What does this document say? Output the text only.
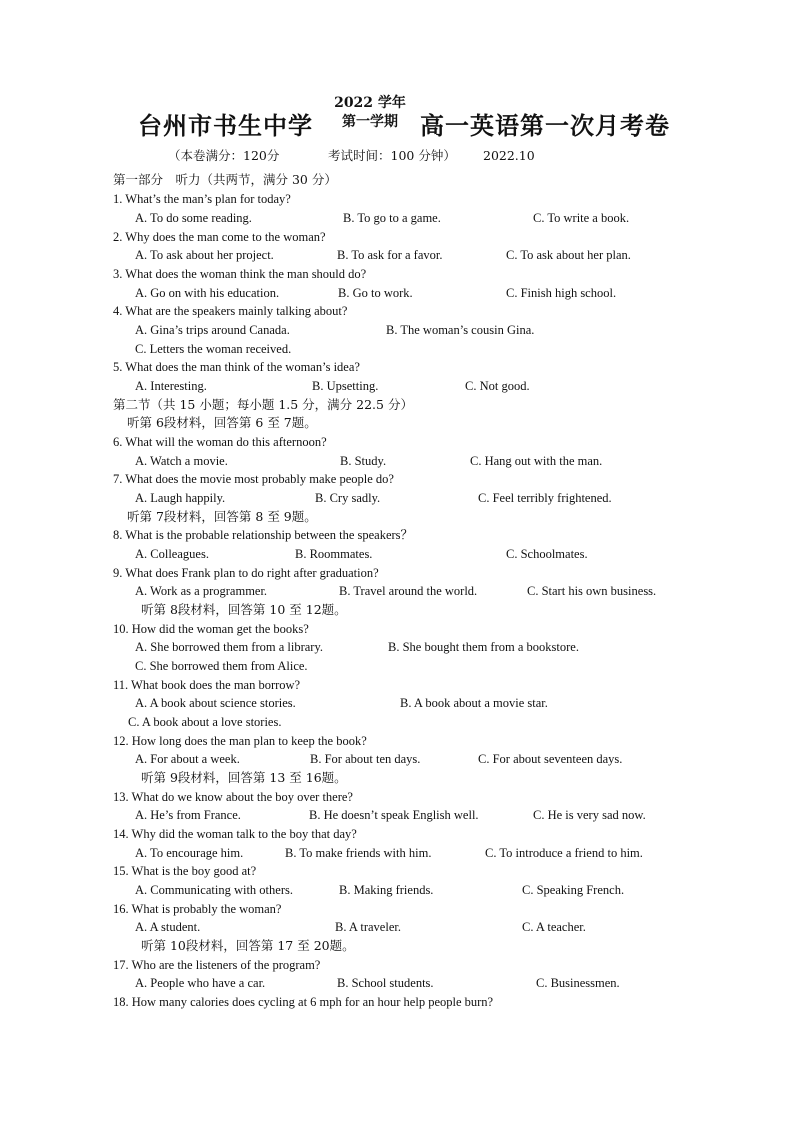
台州市书生中学
2022 学年
第一学期 高一英语第一次月考卷
（本卷满分：120分	考试时间：100 分钟） 2022.10
第一部分　听力（共两节，满分 30 分）
1. What’s the man’s plan for today?
A. To do some reading.	B. To go to a game.	C. To write a book.
2. Why does the man come to the woman?
A. To ask about her project.	B. To ask for a favor.	C. To ask about her plan.
3. What does the woman think the man should do?
A. Go on with his education.	B. Go to work.	C. Finish high school.
4. What are the speakers mainly talking about?
A. Gina’s trips around Canada.	B. The woman’s cousin Gina.
C. Letters the woman received.
5. What does the man think of the woman’s idea?
A. Interesting.	B. Upsetting.	C. Not good.
第二节（共 15 小题；每小题 1.5 分，满分 22.5 分）
听第 6段材料，回答第 6 至 7题。
6. What will the woman do this afternoon?
A. Watch a movie.	B. Study.	C. Hang out with the man.
7. What does the movie most probably make people do?
A. Laugh happily.	B. Cry sadly.	C. Feel terribly frightened.
听第 7段材料，回答第 8 至 9题。
8. What is the probable relationship between the speakers？
A. Colleagues.	B. Roommates.	C. Schoolmates.
9. What does Frank plan to do right after graduation?
A. Work as a programmer.	B. Travel around the world.	C. Start his own business.
听第 8段材料，回答第 10 至 12题。
10. How did the woman get the books?
A. She borrowed them from a library.	B. She bought them from a bookstore.
C. She borrowed them from Alice.
11. What book does the man borrow?
A. A book about science stories.	B. A book about a movie star.
C. A book about a love stories.
12. How long does the man plan to keep the book?
A. For about a week.	B. For about ten days.	C. For about seventeen days.
听第 9段材料，回答第 13 至 16题。
13. What do we know about the boy over there?
A. He’s from France.	B. He doesn’t speak English well.	C. He is very sad now.
14. Why did the woman talk to the boy that day?
A. To encourage him.	B. To make friends with him.	C. To introduce a friend to him.
15. What is the boy good at?
A. Communicating with others.	B. Making friends.	C. Speaking French.
16. What is probably the woman?
A. A student.	B. A traveler.	C. A teacher.
听第 10段材料，回答第 17 至 20题。
17. Who are the listeners of the program?
A. People who have a car.	B. School students.	C. Businessmen.
18. How many calories does cycling at 6 mph for an hour help people burn?
